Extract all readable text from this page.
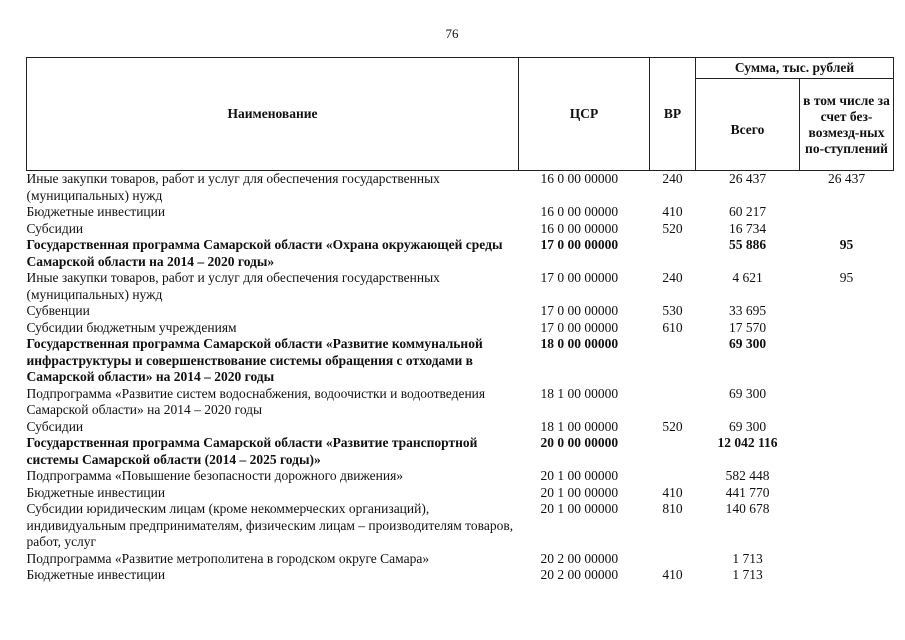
76
Наименование	ЦСР	ВР	Сумма, тыс. рублей	
			Всего	в том числе за счет без-возмезд-ных по-ступлений
Иные закупки товаров, работ и услуг для обеспечения государственных (муниципальных) нужд	16 0 00 00000	240	26 437	26 437
Бюджетные инвестиции	16 0 00 00000	410	60 217	
Субсидии	16 0 00 00000	520	16 734	
Государственная программа Самарской области «Охрана окружающей среды Самарской области на 2014 – 2020 годы»	17 0 00 00000		55 886	95
Иные закупки товаров, работ и услуг для обеспечения государственных (муниципальных) нужд	17 0 00 00000	240	4 621	95
Субвенции	17 0 00 00000	530	33 695	
Субсидии бюджетным учреждениям	17 0 00 00000	610	17 570	
Государственная программа Самарской области «Развитие коммунальной инфраструктуры и совершенствование системы обращения с отходами в Самарской области» на 2014 – 2020 годы	18 0 00 00000		69 300	
Подпрограмма «Развитие систем водоснабжения, водоочистки и водоотведения Самарской области» на 2014 – 2020 годы	18 1 00 00000		69 300	
Субсидии	18 1 00 00000	520	69 300	
Государственная программа Самарской области «Развитие транспортной системы Самарской области (2014 – 2025 годы)»	20 0 00 00000		12 042 116	
Подпрограмма «Повышение безопасности дорожного движения»	20 1 00 00000		582 448	
Бюджетные инвестиции	20 1 00 00000	410	441 770	
Субсидии юридическим лицам (кроме некоммерческих организаций), индивидуальным предпринимателям, физическим лицам – производителям товаров, работ, услуг	20 1 00 00000	810	140 678	
Подпрограмма «Развитие метрополитена в городском округе Самара»	20 2 00 00000		1 713	
Бюджетные инвестиции	20 2 00 00000	410	1 713	
